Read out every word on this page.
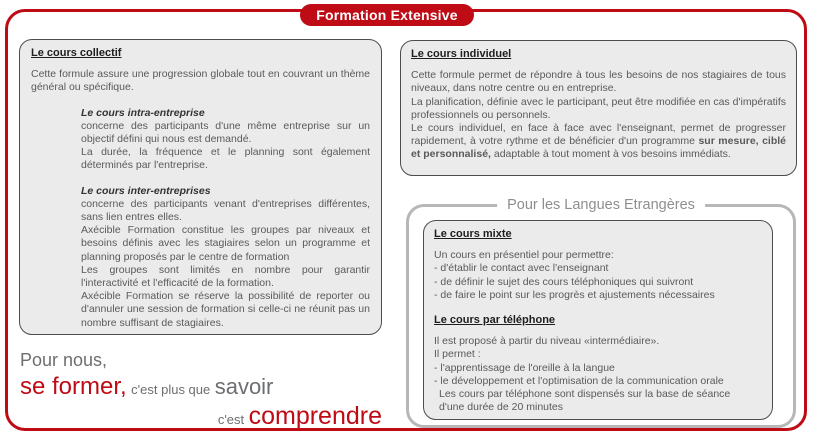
Formation Extensive
Le cours collectif

Cette formule assure une progression globale tout en couvrant un thème général ou spécifique.

Le cours intra-entreprise

concerne des participants d'une même entreprise sur un objectif défini qui nous est demandé.

La durée, la fréquence et le planning sont également déterminés par l'entreprise.

Le cours inter-entreprises

concerne des participants venant d'entreprises différentes, sans lien entres elles.

Axécible Formation constitue les groupes par niveaux et besoins définis avec les stagiaires selon un programme et planning proposés par le centre de formation

Les groupes sont limités en nombre pour garantir l'interactivité et l'efficacité de la formation.

Axécible Formation se réserve la possibilité de reporter ou d'annuler une session de formation si celle-ci ne réunit pas un nombre suffisant de stagiaires.

Le cours individuel

Cette formule permet de répondre à tous les besoins de nos stagiaires de tous niveaux, dans notre centre ou en entreprise.

La planification, définie avec le participant, peut être modifiée en cas d'impératifs professionnels ou personnels.

Le cours individuel, en face à face avec l'enseignant, permet de progresser rapidement, à votre rythme et de bénéficier d'un programme sur mesure, ciblé et personnalisé, adaptable à tout moment à vos besoins immédiats.

Pour les Langues Etrangères
Le cours mixte
Un cours en présentiel pour permettre:
- d'établir le contact avec l'enseignant
- de définir le sujet des cours téléphoniques qui suivront
- de faire le point sur les progrès et ajustements nécessaires
Le cours par téléphone
Il est proposé à partir du niveau «intermédiaire».
Il permet :
- l'apprentissage de l'oreille à la langue
- le développement et l'optimisation de la communication orale
Les cours par téléphone sont dispensés sur la base de séance
d'une durée de 20 minutes
Pour nous,
se former, c'est plus que savoir
c'est comprendre
